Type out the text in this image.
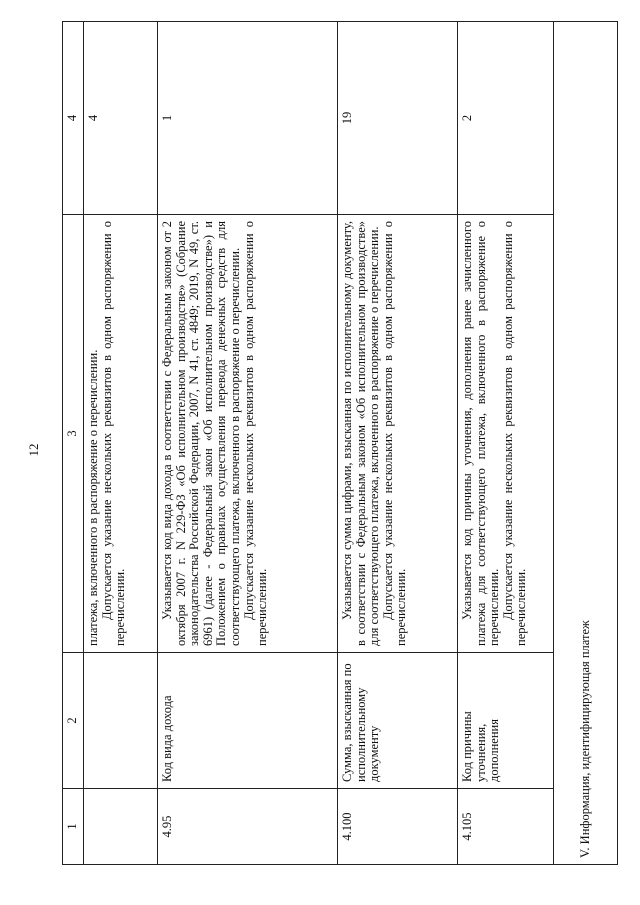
12
1	2	3	4

		платежа, включенного в распоряжение о перечислении. Допускается указание нескольких реквизитов в одном распоряжении о перечислении.	4
4.95	Код вида дохода	Указывается код вида дохода в соответствии с Федеральным законом от 2 октября 2007 г. N 229-ФЗ «Об исполнительном производстве» (Собрание законодательства Российской Федерации, 2007, N 41, ст. 4849; 2019, N 49, ст. 6961) (далее - Федеральный закон «Об исполнительном производстве») и Положением о правилах осуществления перевода денежных средств для соответствующего платежа, включенного в распоряжение о перечислении. Допускается указание нескольких реквизитов в одном распоряжении о перечислении.	1
4.100	Сумма, взысканная по исполнительному документу	Указывается сумма цифрами, взысканная по исполнительному документу, в соответствии с Федеральным законом «Об исполнительном производстве» для соответствующего платежа, включенного в распоряжение о перечислении. Допускается указание нескольких реквизитов в одном распоряжении о перечислении.	19
4.105	Код причины уточнения, дополнения	Указывается код причины уточнения, дополнения ранее зачисленного платежа для соответствующего платежа, включенного в распоряжение о перечислении. Допускается указание нескольких реквизитов в одном распоряжении о перечислении.	2
V. Информация, идентифицирующая платеж			
